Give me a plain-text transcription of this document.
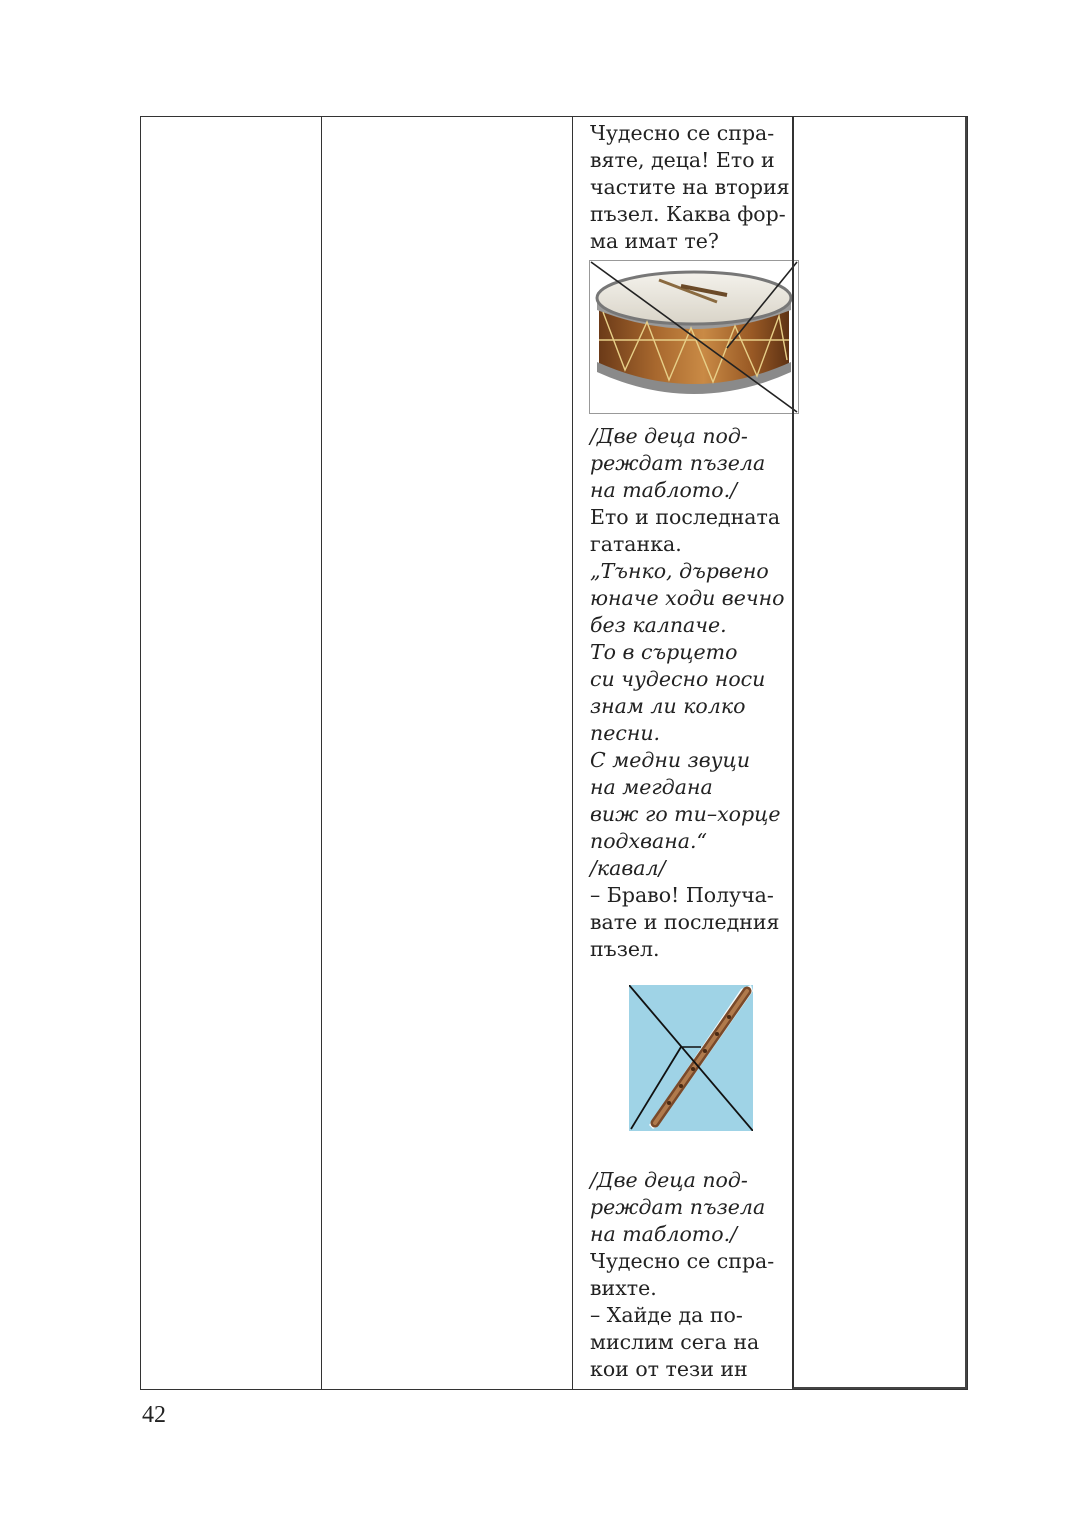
Чудесно се спра-
вяте, деца! Ето и
частите на втория
пъзел. Каква фор-
ма имат те?
/Две деца под-
реждат пъзела
на таблото./
Ето и последната
гатанка.
„Тънко, дървено
юначе ходи вечно
без калпаче.
То в сърцето
си чудесно носи
знам ли колко
песни.
С медни звуци
на мегдана
виж го ти–хорце
подхвана.“
/кавал/
– Браво! Получа-
вате и последния
пъзел.
/Две деца под-
реждат пъзела
на таблото./
Чудесно се спра-
вихте.
– Хайде да по-
мислим сега на
кои от тези ин
42
